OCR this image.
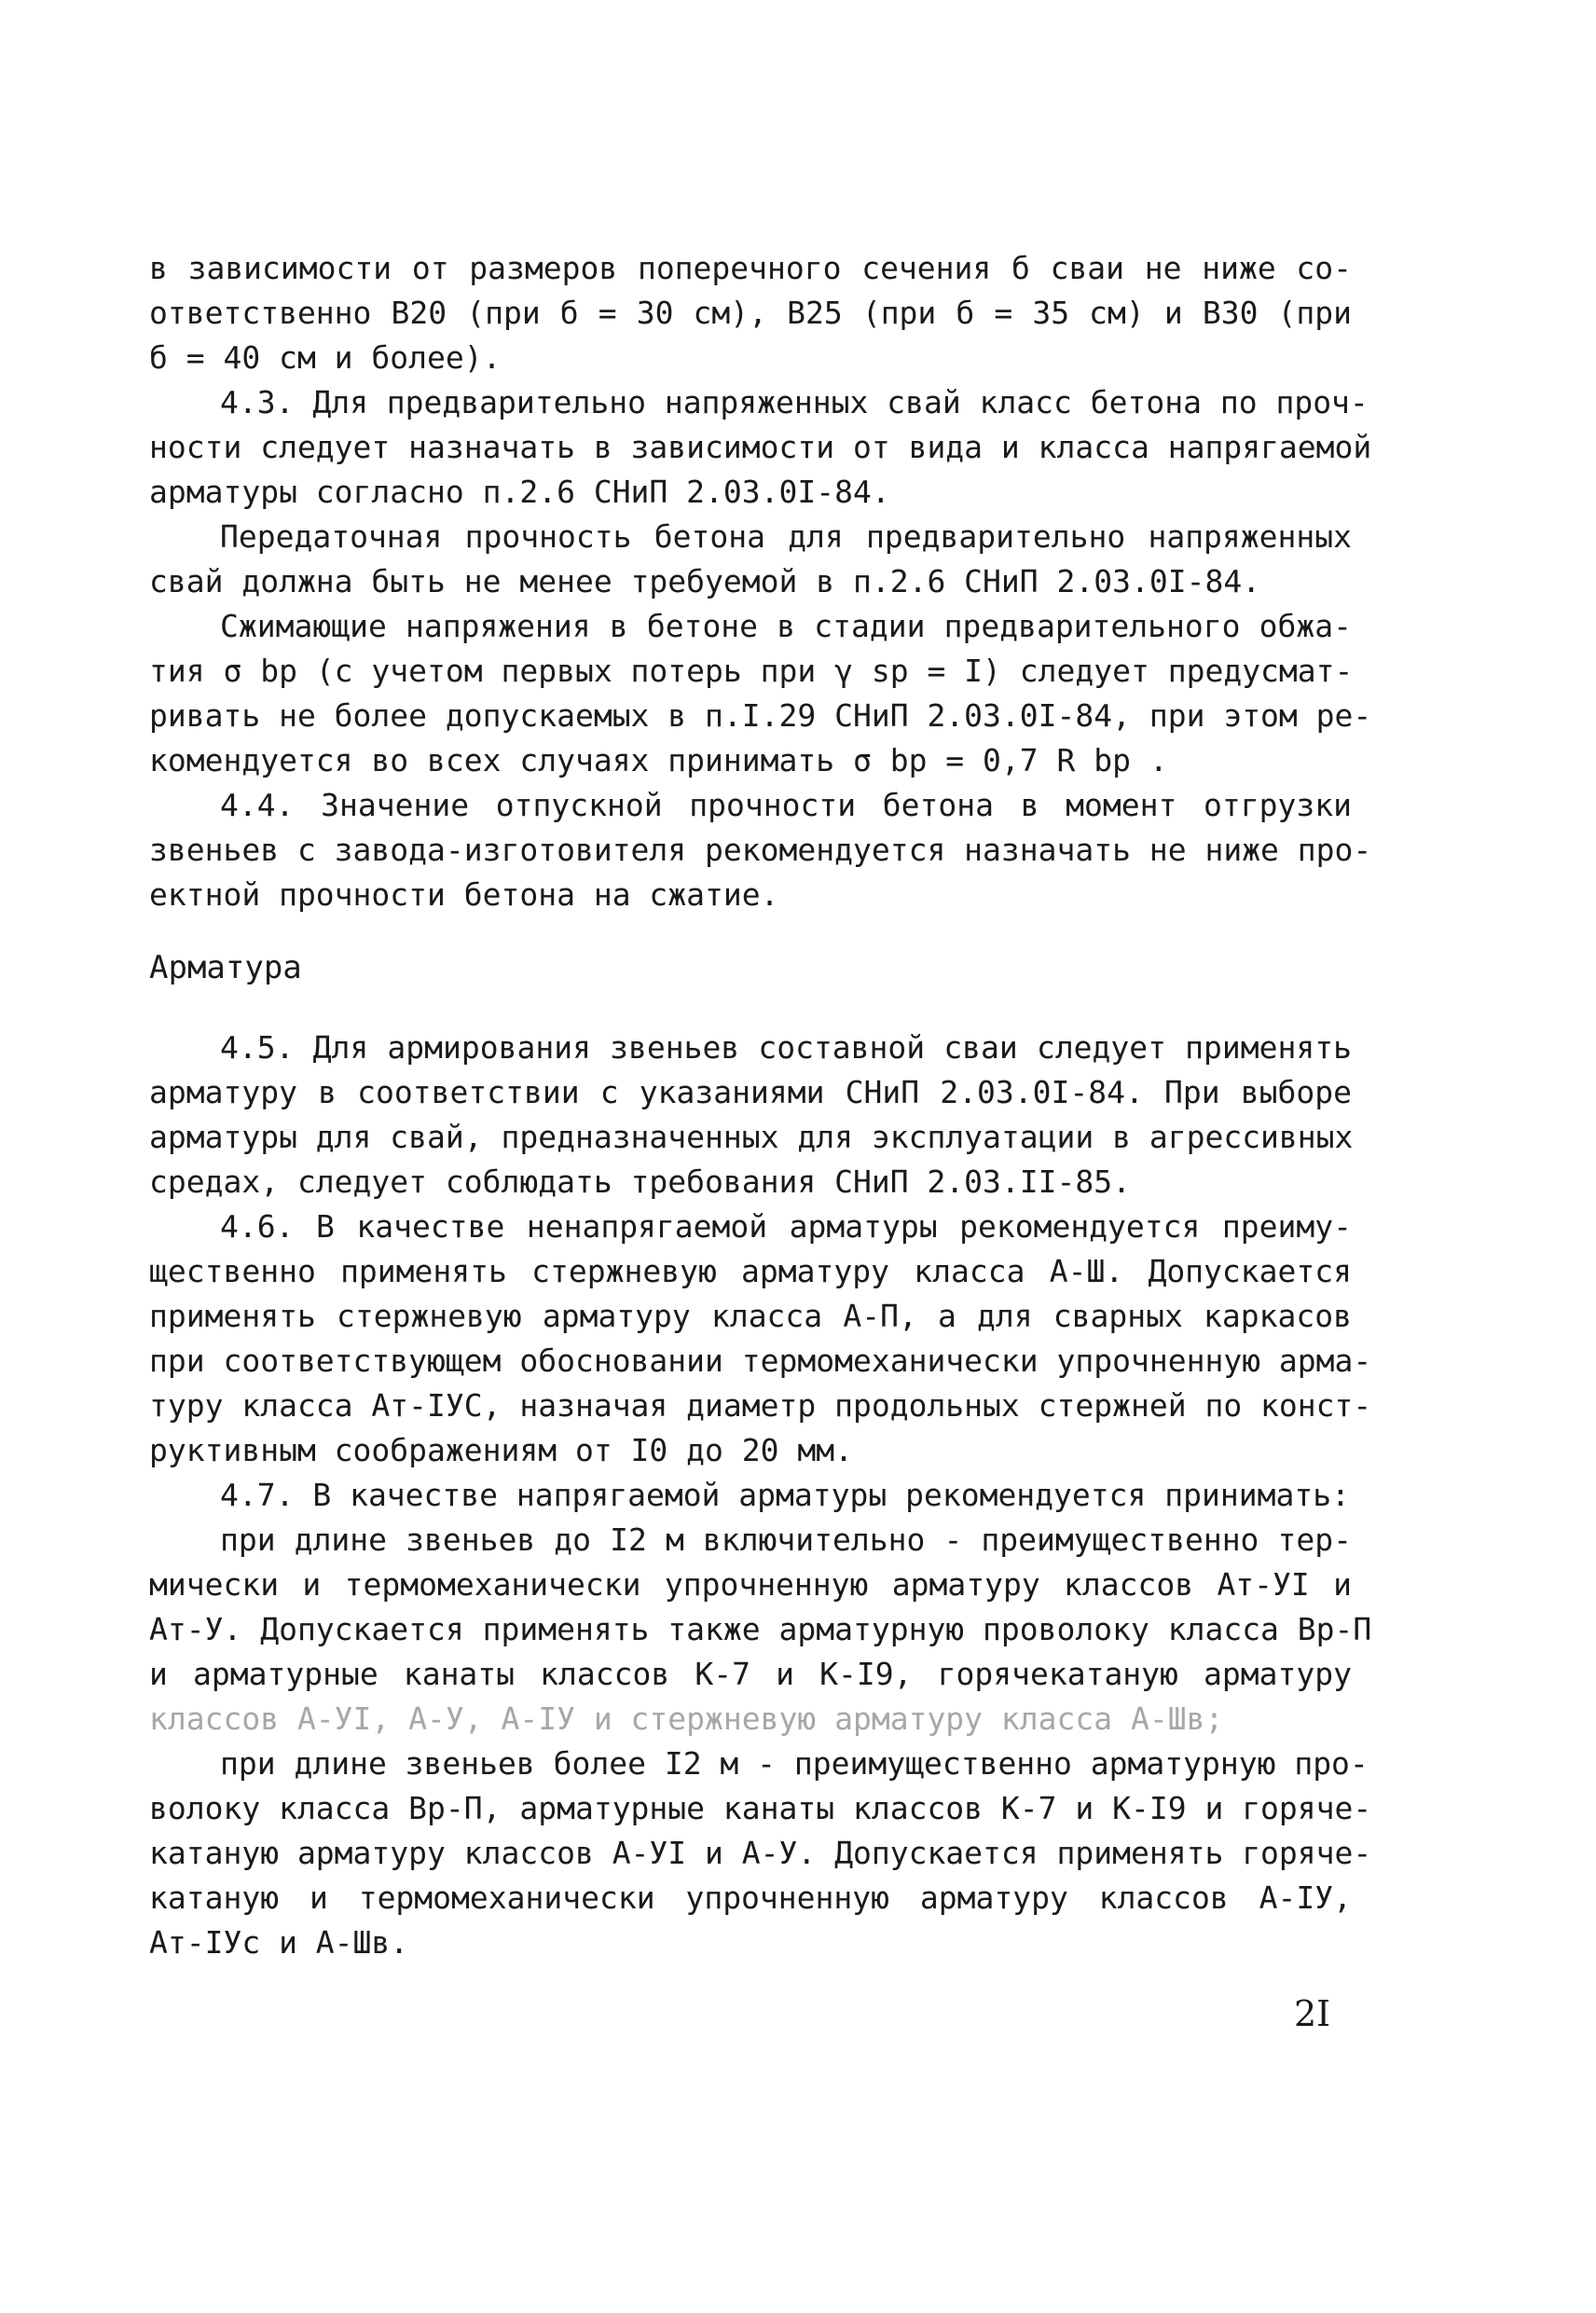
в зависимости от размеров поперечного сечения б сваи не ниже со-
ответственно В20 (при б = 30 см), В25 (при б = 35 см) и В30 (при
б = 40 см и более).
4.3. Для предварительно напряженных свай класс бетона по проч-
ности следует назначать в зависимости от вида и класса напрягаемой
арматуры согласно п.2.6 СНиП 2.03.0I-84.
Передаточная прочность бетона для предварительно напряженных
свай должна быть не менее требуемой в п.2.6 СНиП 2.03.0I-84.
Сжимающие напряжения в бетоне в стадии предварительного обжа-
тия σ bp (с учетом первых потерь при γ sp = I) следует предусмат-
ривать не более допускаемых в п.I.29 СНиП 2.03.0I-84, при этом ре-
комендуется во всех случаях принимать σ bp = 0,7 R bp .
4.4. Значение отпускной прочности бетона в момент отгрузки
звеньев с завода-изготовителя рекомендуется назначать не ниже про-
ектной прочности бетона на сжатие.
Арматура
4.5. Для армирования звеньев составной сваи следует применять
арматуру в соответствии с указаниями СНиП 2.03.0I-84. При выборе
арматуры для свай, предназначенных для эксплуатации в агрессивных
средах, следует соблюдать требования СНиП 2.03.II-85.
4.6. В качестве ненапрягаемой арматуры рекомендуется преиму-
щественно применять стержневую арматуру класса А-Ш. Допускается
применять стержневую арматуру класса А-П, а для сварных каркасов
при соответствующем обосновании термомеханически упрочненную арма-
туру класса Ат-IУС, назначая диаметр продольных стержней по конст-
руктивным соображениям от I0 до 20 мм.
4.7. В качестве напрягаемой арматуры рекомендуется принимать:
при длине звеньев до I2 м включительно - преимущественно тер-
мически и термомеханически упрочненную арматуру классов Ат-УI и
Ат-У. Допускается применять также арматурную проволоку класса Вр-П
и арматурные канаты классов К-7 и К-I9, горячекатаную арматуру
классов А-УI, А-У, А-IУ и стержневую арматуру класса А-Шв;
при длине звеньев более I2 м - преимущественно арматурную про-
волоку класса Вр-П, арматурные канаты классов К-7 и К-I9 и горяче-
катаную арматуру классов А-УI и А-У. Допускается применять горяче-
катаную и термомеханически упрочненную арматуру классов А-IУ,
Ат-IУс и А-Шв.
2I
